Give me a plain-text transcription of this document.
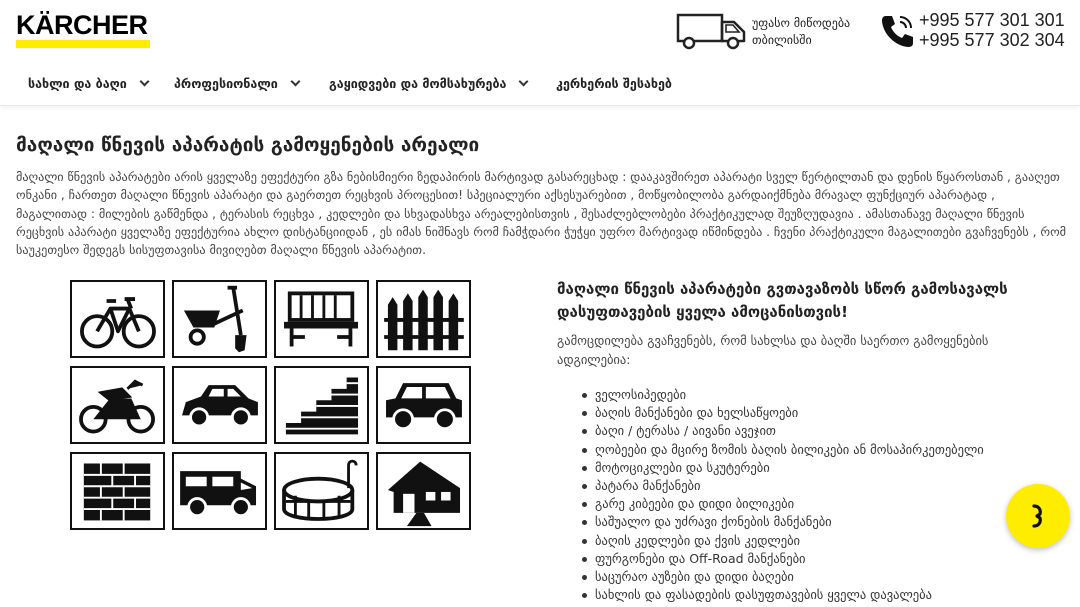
KÄRCHER	უფასო მიწოდება
თბილისში
+995 577 301 301
+995 577 302 304
სახლი და ბაღი	პროფესიონალი	გაყიდვები და მომსახურება	კერხერის შესახებ
მაღალი წნევის აპარატის გამოყენების არეალი

მაღალი წნევის აპარატები არის ყველაზე ეფექტური გზა ნებისმიერი ზედაპირის მარტივად გასარეცხად : დააკავშირეთ აპარატი სველ წერტილთან და დენის წყაროსთან , გააღეთ ონკანი , ჩართეთ მაღალი წნევის აპარატი და გაერთეთ რეცხვის პროცესით! სპეციალური აქსესუარებით , მოწყობილობა გარდაიქმნება მრავალ ფუნქციურ აპარატად , მაგალითად : მილების გაწმენდა , ტერასის რეცხვა , კედლები და სხვადასხვა არეალებისთვის , შესაძლებლობები პრაქტიკულად შეუზღუდავია . ამასთანავე მაღალი წნევის რეცხვის აპარატი ყველაზე ეფექტურია ახლო დისტანციიდან , ეს იმას ნიშნავს რომ ჩამჭდარი ჭუჭყი უფრო მარტივად იწმინდება . ჩვენი პრაქტიკული მაგალითები გვაჩვენებს , რომ საუკეთესო შედეგს სისუფთავისა მივიღებთ მაღალი წნევის აპარატით.

მაღალი წნევის აპარატები გვთავაზობს სწორ გამოსავალს დასუფთავების ყველა ამოცანისთვის!

გამოცდილება გვაჩვენებს, რომ სახლსა და ბაღში საერთო გამოყენების ადგილებია:

ველოსიპედები
ბაღის მანქანები და ხელსაწყოები
ბაღი / ტერასა / აივანი ავეჯით
ღობეები და მცირე ზომის ბაღის ბილიკები ან მოსაპირკეთებელი
მოტოციკლები და სკუტერები
პატარა მანქანები
გარე კიბეები და დიდი ბილიკები
საშუალო და უძრავი ქონების მანქანები
ბაღის კედლები და ქვის კედლები
ფურგონები და Off-Road მანქანები
საცურაო აუზები და დიდი ბაღები
სახლის და ფასადების დასუფთავების ყველა დავალება
